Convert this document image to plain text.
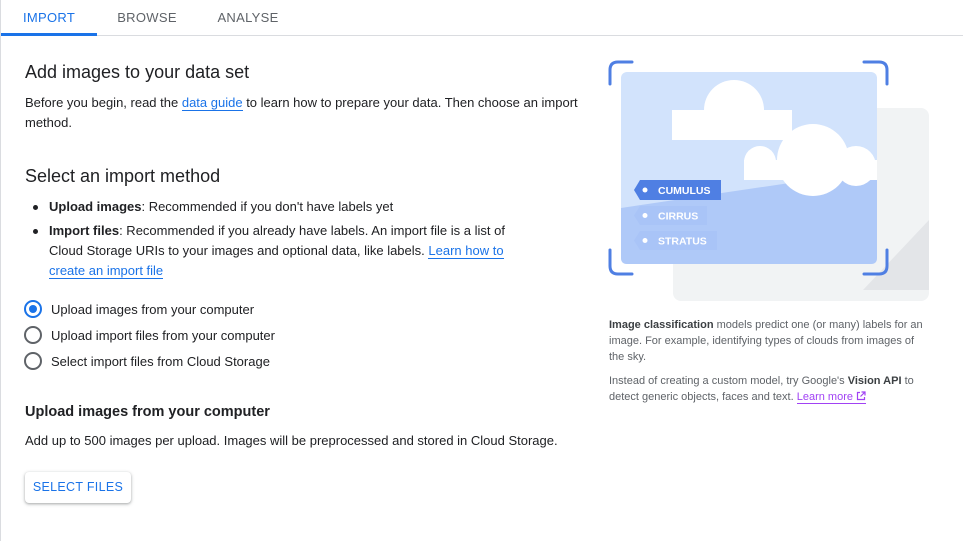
IMPORT	BROWSE	ANALYSE
Add images to your data set
Before you begin, read the data guide to learn how to prepare your data. Then choose an import
method.
Select an import method
Upload images: Recommended if you don't have labels yet
Import files: Recommended if you already have labels. An import file is a list of Cloud Storage URIs to your images and optional data, like labels. Learn how to create an import file
Upload images from your computer
Upload import files from your computer
Select import files from Cloud Storage
Upload images from your computer
Add up to 500 images per upload. Images will be preprocessed and stored in Cloud Storage.
SELECT FILES
CUMULUS
CIRRUS
STRATUS
Image classification models predict one (or many) labels for an image. For example, identifying types of clouds from images of the sky.
Instead of creating a custom model, try Google's Vision API to detect generic objects, faces and text. Learn more
